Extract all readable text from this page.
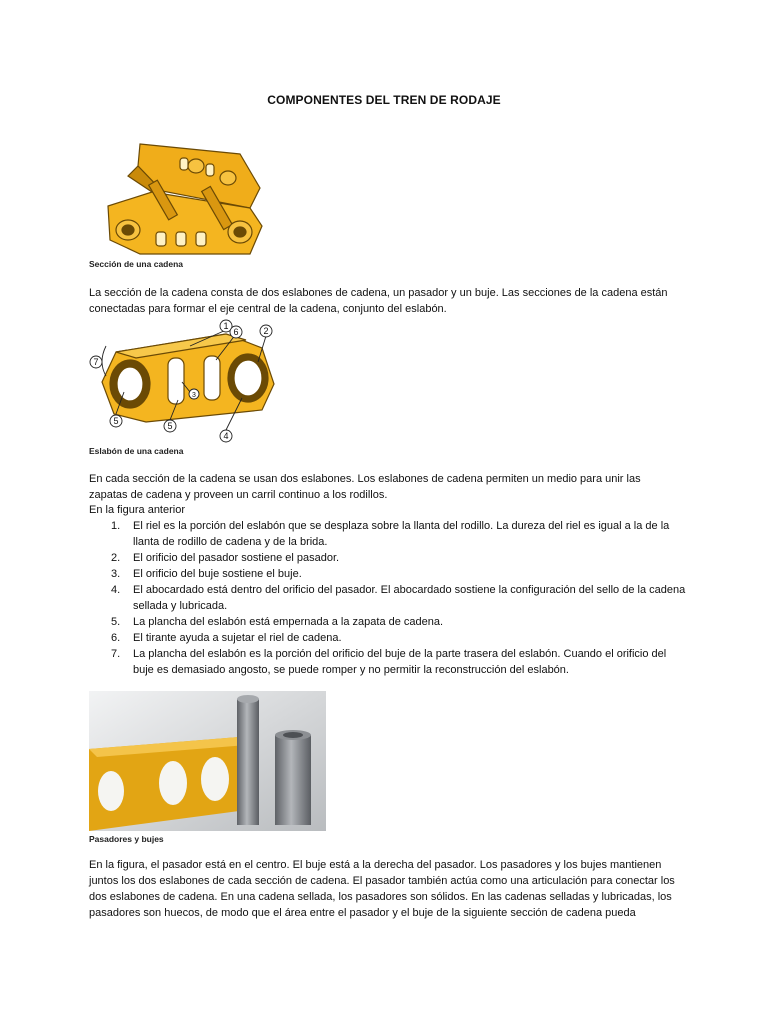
COMPONENTES DEL TREN DE RODAJE
Sección de una cadena

La sección de la cadena consta de dos eslabones de cadena, un pasador y un buje. Las secciones de la cadena están conectadas para formar el eje central de la cadena, conjunto del eslabón.

1
6	2
7
5	5
4
3
Eslabón de una cadena

En cada sección de la cadena se usan dos eslabones. Los eslabones de cadena permiten un medio para unir las zapatas de cadena y proveen un carril continuo a los rodillos.

En la figura anterior

1. El riel es la porción del eslabón que se desplaza sobre la llanta del rodillo. La dureza del riel es igual a la de la llanta de rodillo de cadena y de la brida.
2. El orificio del pasador sostiene el pasador.
3. El orificio del buje sostiene el buje.
4. El abocardado está dentro del orificio del pasador. El abocardado sostiene la configuración del sello de la cadena sellada y lubricada.
5. La plancha del eslabón está empernada a la zapata de cadena.
6. El tirante ayuda a sujetar el riel de cadena.
7. La plancha del eslabón es la porción del orificio del buje de la parte trasera del eslabón. Cuando el orificio del buje es demasiado angosto, se puede romper y no permitir la reconstrucción del eslabón.
Pasadores y bujes

En la figura, el pasador está en el centro. El buje está a la derecha del pasador. Los pasadores y los bujes mantienen juntos los dos eslabones de cada sección de cadena. El pasador también actúa como una articulación para conectar los dos eslabones de cadena. En una cadena sellada, los pasadores son sólidos. En las cadenas selladas y lubricadas, los pasadores son huecos, de modo que el área entre el pasador y el buje de la siguiente sección de cadena pueda
